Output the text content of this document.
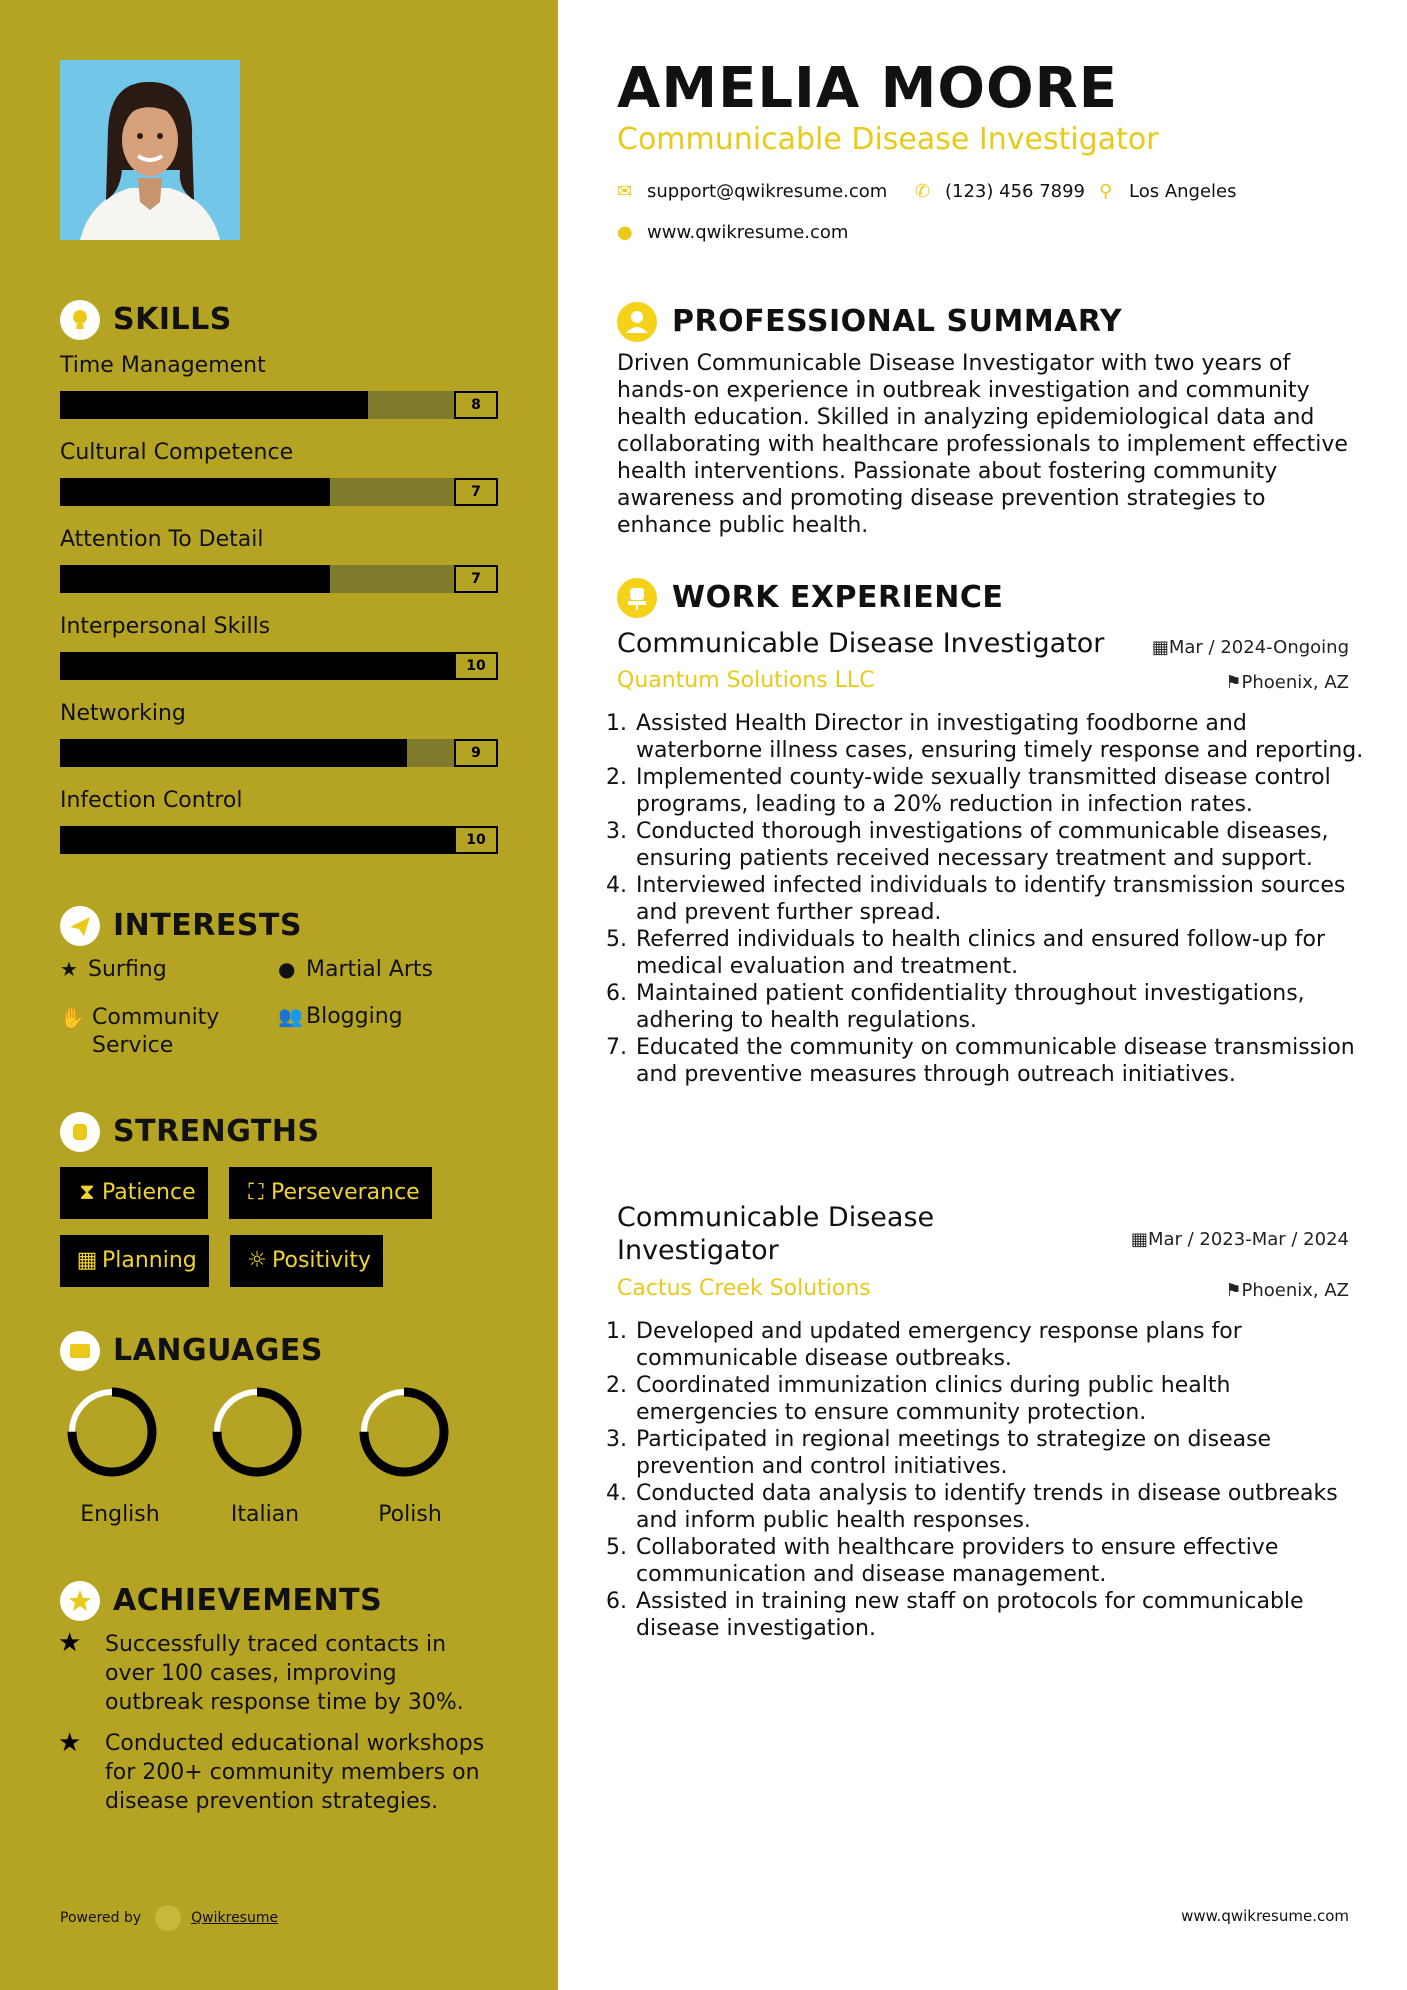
SKILLS
Time Management
8
Cultural Competence
7
Attention To Detail
7
Interpersonal Skills
10
Networking
9
Infection Control
10
INTERESTS
★ Surfing	● Martial Arts
✋ Community Service
👥 Blogging
STRENGTHS
⧗ Patience	⛶ Perseverance
▦ Planning	☼ Positivity
LANGUAGES
English	Italian	Polish
ACHIEVEMENTS
★ Successfully traced contacts in over 100 cases, improving outbreak response time by 30%.
★ Conducted educational workshops for 200+ community members on disease prevention strategies.
Powered by	Qwikresume
AMELIA MOORE
Communicable Disease Investigator
✉ support@qwikresume.com ✆ (123) 456 7899 ⚲ Los Angeles
● www.qwikresume.com
PROFESSIONAL SUMMARY
Driven Communicable Disease Investigator with two years of hands-on experience in outbreak investigation and community health education. Skilled in analyzing epidemiological data and collaborating with healthcare professionals to implement effective health interventions. Passionate about fostering community awareness and promoting disease prevention strategies to enhance public health.
WORK EXPERIENCE
Communicable Disease Investigator	▦Mar / 2024-Ongoing
Quantum Solutions LLC	⚑Phoenix, AZ
1. Assisted Health Director in investigating foodborne and waterborne illness cases, ensuring timely response and reporting.
2. Implemented county-wide sexually transmitted disease control programs, leading to a 20% reduction in infection rates.
3. Conducted thorough investigations of communicable diseases, ensuring patients received necessary treatment and support.
4. Interviewed infected individuals to identify transmission sources and prevent further spread.
5. Referred individuals to health clinics and ensured follow-up for medical evaluation and treatment.
6. Maintained patient confidentiality throughout investigations, adhering to health regulations.
7. Educated the community on communicable disease transmission and preventive measures through outreach initiatives.
Communicable Disease Investigator	▦Mar / 2023-Mar / 2024
Cactus Creek Solutions	⚑Phoenix, AZ
1. Developed and updated emergency response plans for communicable disease outbreaks.
2. Coordinated immunization clinics during public health emergencies to ensure community protection.
3. Participated in regional meetings to strategize on disease prevention and control initiatives.
4. Conducted data analysis to identify trends in disease outbreaks and inform public health responses.
5. Collaborated with healthcare providers to ensure effective communication and disease management.
6. Assisted in training new staff on protocols for communicable disease investigation.
www.qwikresume.com
